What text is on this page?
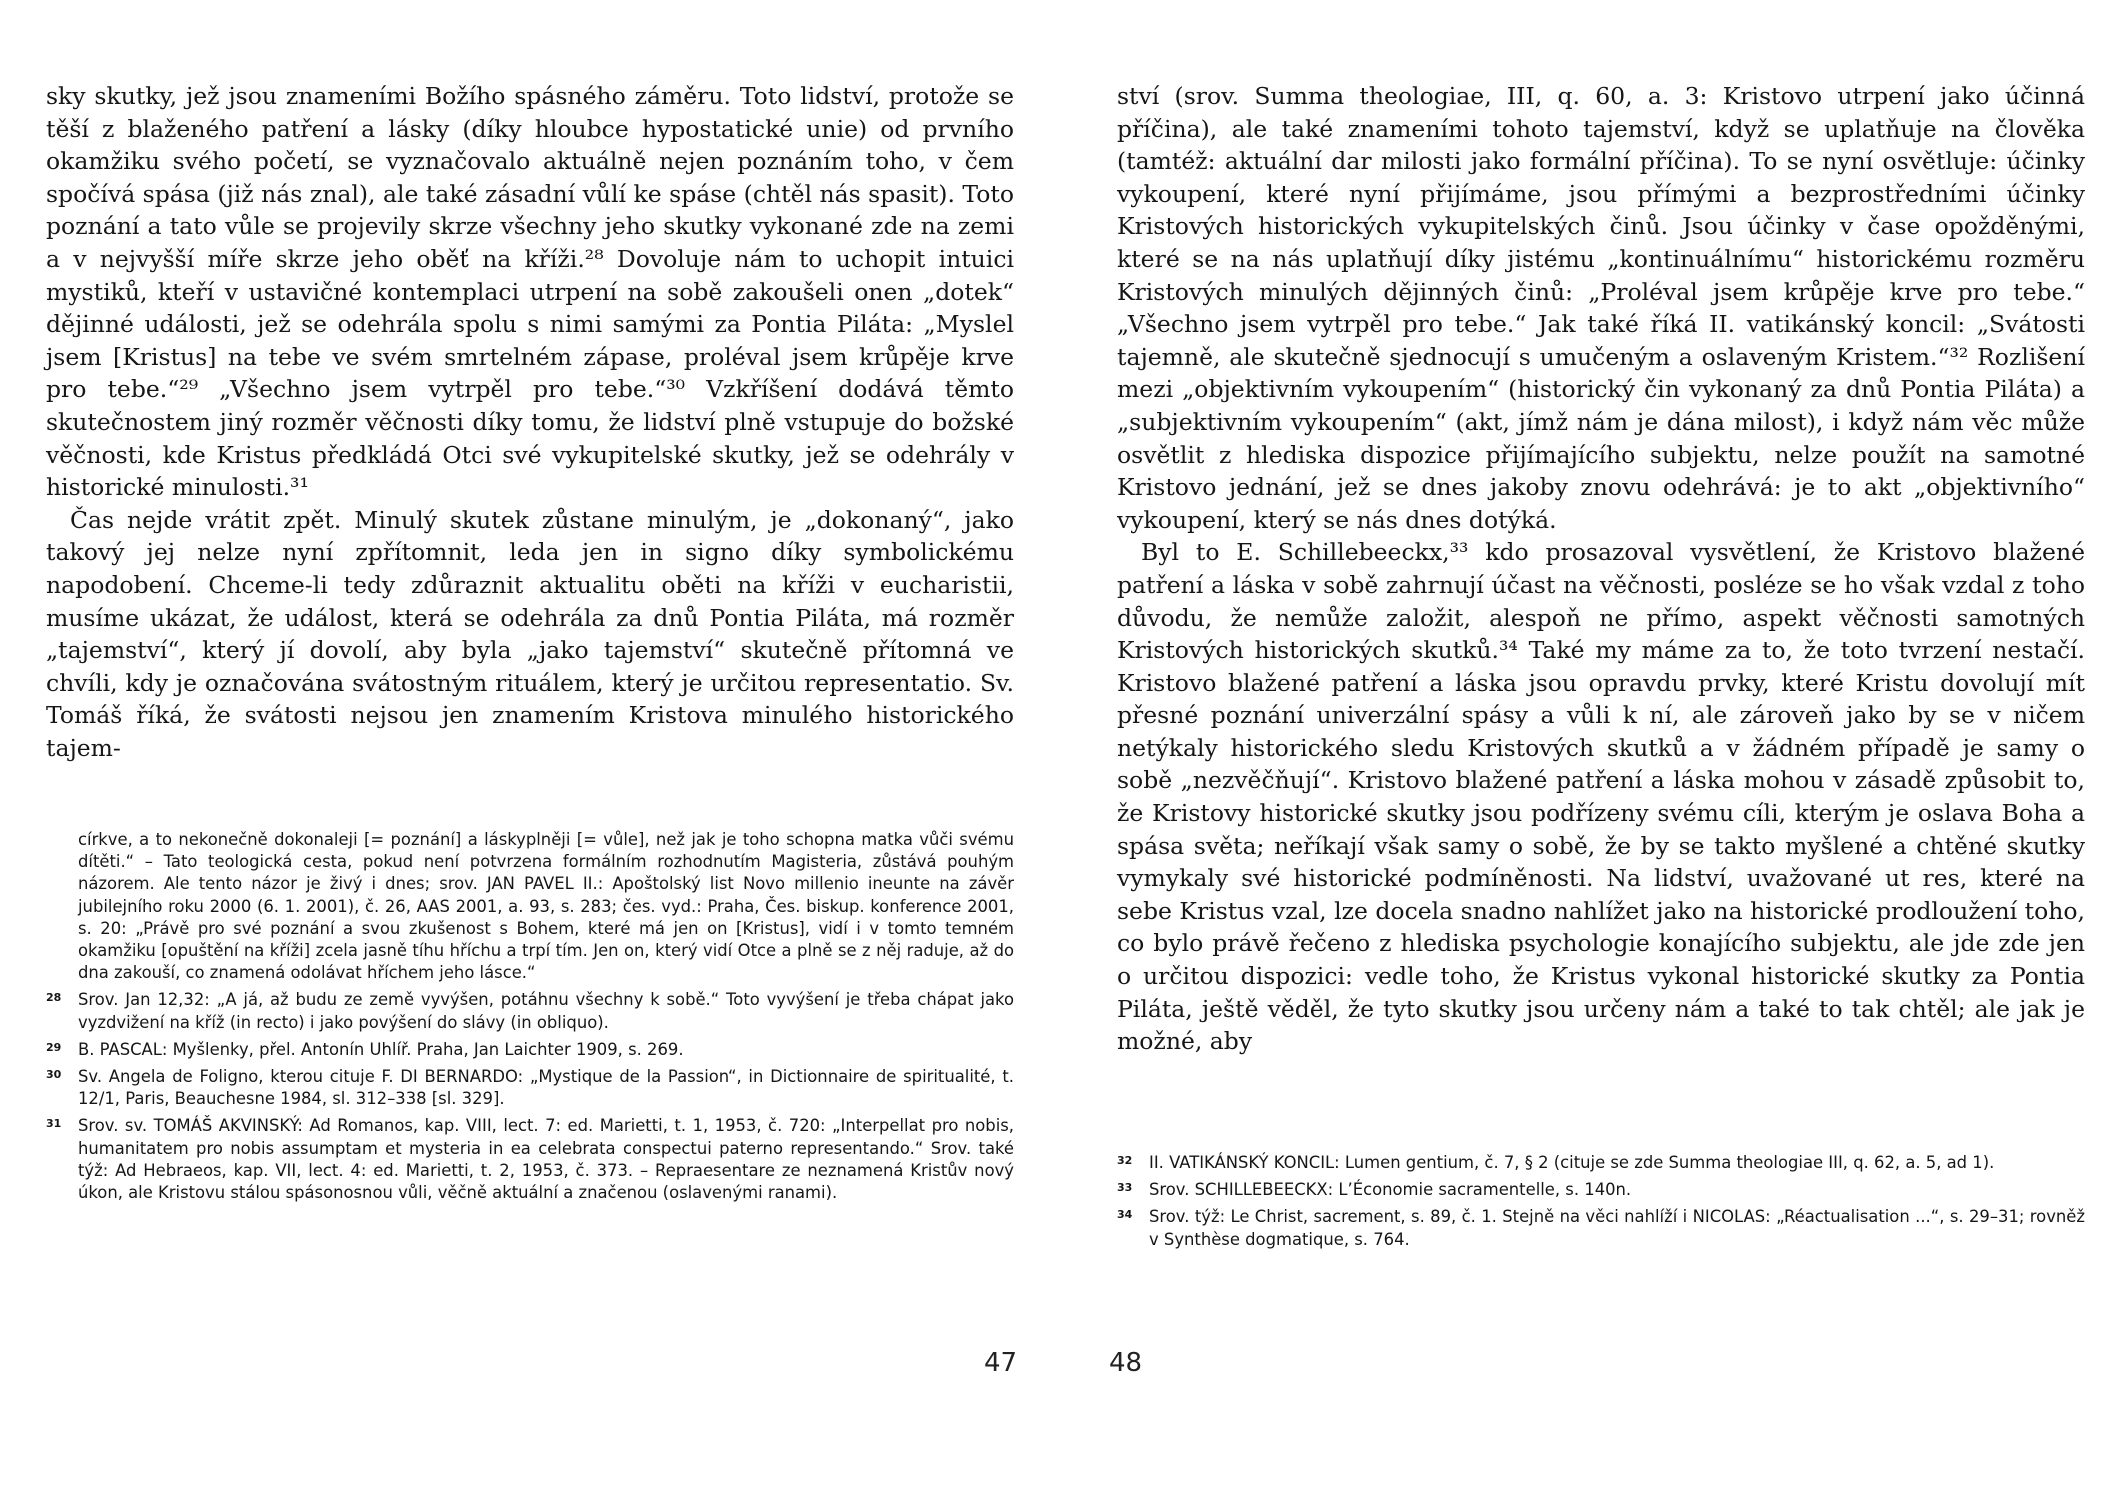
sky skutky, jež jsou znameními Božího spásného záměru. Toto lidství, protože se těší z blaženého patření a lásky (díky hloubce hypostatické unie) od prvního okamžiku svého početí, se vyznačovalo aktuálně nejen poznáním toho, v čem spočívá spása (již nás znal), ale také zásadní vůlí ke spáse (chtěl nás spasit). Toto poznání a tato vůle se projevily skrze všechny jeho skutky vykonané zde na zemi a v nejvyšší míře skrze jeho oběť na kříži.²⁸ Dovoluje nám to uchopit intuici mystiků, kteří v ustavičné kontemplaci utrpení na sobě zakoušeli onen „dotek“ dějinné události, jež se odehrála spolu s nimi samými za Pontia Piláta: „Myslel jsem [Kristus] na tebe ve svém smrtelném zápase, proléval jsem krůpěje krve pro tebe.“²⁹ „Všechno jsem vytrpěl pro tebe.“³⁰ Vzkříšení dodává těmto skutečnostem jiný rozměr věčnosti díky tomu, že lidství plně vstupuje do božské věčnosti, kde Kristus předkládá Otci své vykupitelské skutky, jež se odehrály v historické minulosti.³¹

Čas nejde vrátit zpět. Minulý skutek zůstane minulým, je „dokonaný“, jako takový jej nelze nyní zpřítomnit, leda jen in signo díky symbolickému napodobení. Chceme-li tedy zdůraznit aktualitu oběti na kříži v eucharistii, musíme ukázat, že událost, která se odehrála za dnů Pontia Piláta, má rozměr „tajemství“, který jí dovolí, aby byla „jako tajemství“ skutečně přítomná ve chvíli, kdy je označována svátostným rituálem, který je určitou representatio. Sv. Tomáš říká, že svátosti nejsou jen znamením Kristova minulého historického tajem-

církve, a to nekonečně dokonaleji [= poznání] a láskyplněji [= vůle], než jak je toho schopna matka vůči svému dítěti.“ – Tato teologická cesta, pokud není potvrzena formálním rozhodnutím Magisteria, zůstává pouhým názorem. Ale tento názor je živý i dnes; srov. JAN PAVEL II.: Apoštolský list Novo millenio ineunte na závěr jubilejního roku 2000 (6. 1. 2001), č. 26, AAS 2001, a. 93, s. 283; čes. vyd.: Praha, Čes. biskup. konference 2001, s. 20: „Právě pro své poznání a svou zkušenost s Bohem, které má jen on [Kristus], vidí i v tomto temném okamžiku [opuštění na kříži] zcela jasně tíhu hříchu a trpí tím. Jen on, který vidí Otce a plně se z něj raduje, až do dna zakouší, co znamená odolávat hříchem jeho lásce.“

28	Srov. Jan 12,32: „A já, až budu ze země vyvýšen, potáhnu všechny k sobě.“ Toto vyvýšení je třeba chápat jako vyzdvižení na kříž (in recto) i jako povýšení do slávy (in obliquo).
29	B. PASCAL: Myšlenky, přel. Antonín Uhlíř. Praha, Jan Laichter 1909, s. 269.
30	Sv. Angela de Foligno, kterou cituje F. DI BERNARDO: „Mystique de la Passion“, in Dictionnaire de spiritualité, t. 12/1, Paris, Beauchesne 1984, sl. 312–338 [sl. 329].
31	Srov. sv. TOMÁŠ AKVINSKÝ: Ad Romanos, kap. VIII, lect. 7: ed. Marietti, t. 1, 1953, č. 720: „Interpellat pro nobis, humanitatem pro nobis assumptam et mysteria in ea celebrata conspectui paterno representando.“ Srov. také týž: Ad Hebraeos, kap. VII, lect. 4: ed. Marietti, t. 2, 1953, č. 373. – Repraesentare ze neznamená Kristův nový úkon, ale Kristovu stálou spásonosnou vůli, věčně aktuální a značenou (oslavenými ranami).
47

ství (srov. Summa theologiae, III, q. 60, a. 3: Kristovo utrpení jako účinná příčina), ale také znameními tohoto tajemství, když se uplatňuje na člověka (tamtéž: aktuální dar milosti jako formální příčina). To se nyní osvětluje: účinky vykoupení, které nyní přijímáme, jsou přímými a bezprostředními účinky Kristových historických vykupitelských činů. Jsou účinky v čase opožděnými, které se na nás uplatňují díky jistému „kontinuálnímu“ historickému rozměru Kristových minulých dějinných činů: „Proléval jsem krůpěje krve pro tebe.“ „Všechno jsem vytrpěl pro tebe.“ Jak také říká II. vatikánský koncil: „Svátosti tajemně, ale skutečně sjednocují s umučeným a oslaveným Kristem.“³² Rozlišení mezi „objektivním vykoupením“ (historický čin vykonaný za dnů Pontia Piláta) a „subjektivním vykoupením“ (akt, jímž nám je dána milost), i když nám věc může osvětlit z hlediska dispozice přijímajícího subjektu, nelze použít na samotné Kristovo jednání, jež se dnes jakoby znovu odehrává: je to akt „objektivního“ vykoupení, který se nás dnes dotýká.

Byl to E. Schillebeeckx,³³ kdo prosazoval vysvětlení, že Kristovo blažené patření a láska v sobě zahrnují účast na věčnosti, posléze se ho však vzdal z toho důvodu, že nemůže založit, alespoň ne přímo, aspekt věčnosti samotných Kristových historických skutků.³⁴ Také my máme za to, že toto tvrzení nestačí. Kristovo blažené patření a láska jsou opravdu prvky, které Kristu dovolují mít přesné poznání univerzální spásy a vůli k ní, ale zároveň jako by se v ničem netýkaly historického sledu Kristových skutků a v žádném případě je samy o sobě „nezvěčňují“. Kristovo blažené patření a láska mohou v zásadě způsobit to, že Kristovy historické skutky jsou podřízeny svému cíli, kterým je oslava Boha a spása světa; neříkají však samy o sobě, že by se takto myšlené a chtěné skutky vymykaly své historické podmíněnosti. Na lidství, uvažované ut res, které na sebe Kristus vzal, lze docela snadno nahlížet jako na historické prodloužení toho, co bylo právě řečeno z hlediska psychologie konajícího subjektu, ale jde zde jen o určitou dispozici: vedle toho, že Kristus vykonal historické skutky za Pontia Piláta, ještě věděl, že tyto skutky jsou určeny nám a také to tak chtěl; ale jak je možné, aby

32	II. VATIKÁNSKÝ KONCIL: Lumen gentium, č. 7, § 2 (cituje se zde Summa theologiae III, q. 62, a. 5, ad 1).
33	Srov. SCHILLEBEECKX: L’Économie sacramentelle, s. 140n.
34	Srov. týž: Le Christ, sacrement, s. 89, č. 1. Stejně na věci nahlíží i NICOLAS: „Réactualisation ...“, s. 29–31; rovněž v Synthèse dogmatique, s. 764.
48
